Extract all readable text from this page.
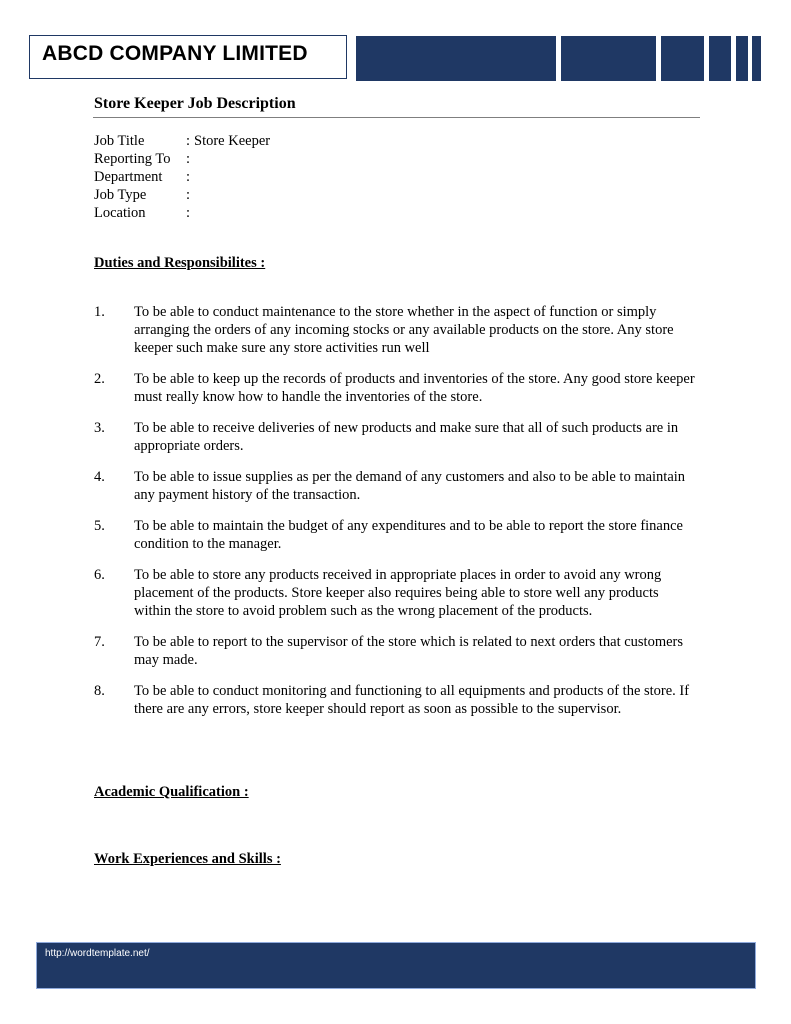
ABCD COMPANY LIMITED
Store Keeper Job Description
Job Title	: Store Keeper
Reporting To	:
Department	:
Job Type	:
Location	:
Duties and Responsibilites :
1.	To be able to conduct maintenance to the store whether in the aspect of function or simply arranging the orders of any incoming stocks or any available products on the store. Any store keeper such make sure any store activities run well
2.	To be able to keep up the records of products and inventories of the store. Any good store keeper must really know how to handle the inventories of the store.
3.	To be able to receive deliveries of new products and make sure that all of such products are in appropriate orders.
4.	To be able to issue supplies as per the demand of any customers and also to be able to maintain any payment history of the transaction.
5.	To be able to maintain the budget of any expenditures and to be able to report the store finance condition to the manager.
6.	To be able to store any products received in appropriate places in order to avoid any wrong placement of the products. Store keeper also requires being able to store well any products within the store to avoid problem such as the wrong placement of the products.
7.	To be able to report to the supervisor of the store which is related to next orders that customers may made.
8.	To be able to conduct monitoring and functioning to all equipments and products of the store. If there are any errors, store keeper should report as soon as possible to the supervisor.
Academic Qualification :
Work Experiences and Skills :
http://wordtemplate.net/
